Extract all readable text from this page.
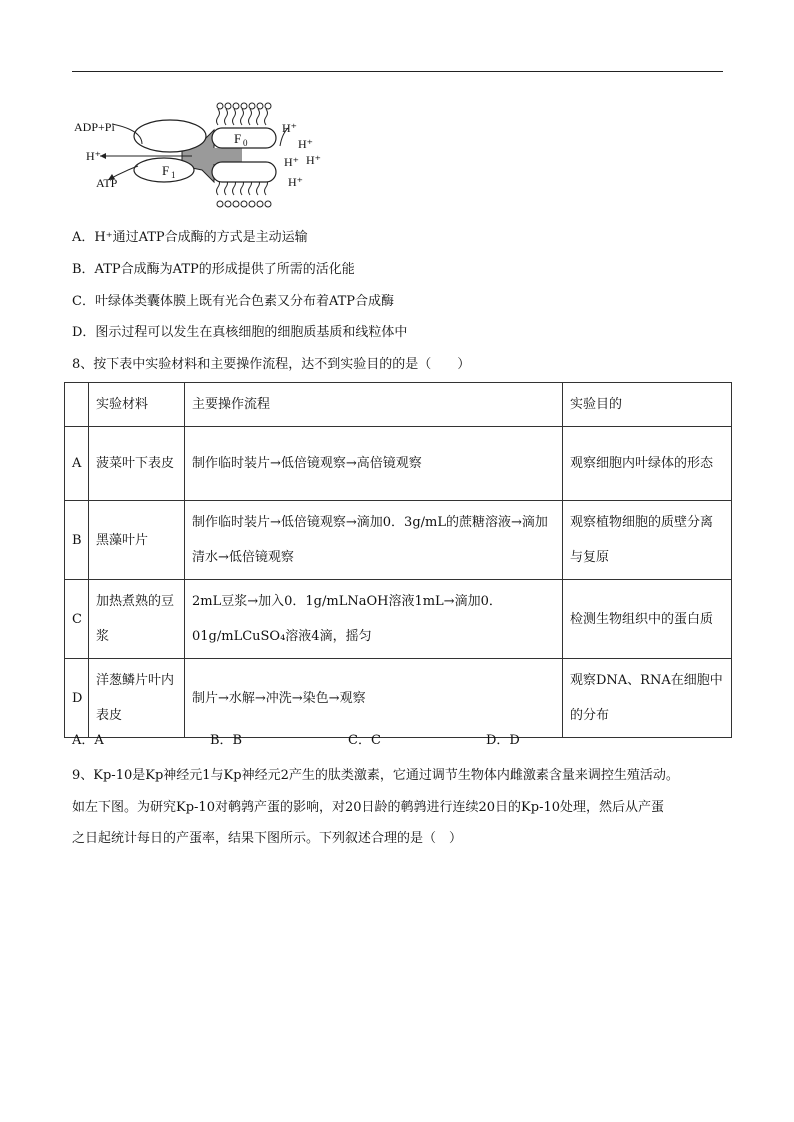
ADP+Pi
H⁺
ATP
F 0
F 1
H⁺
H⁺
H⁺ H⁺
H⁺
A．H⁺通过ATP合成酶的方式是主动运输
B．ATP合成酶为ATP的形成提供了所需的活化能
C．叶绿体类囊体膜上既有光合色素又分布着ATP合成酶
D．图示过程可以发生在真核细胞的细胞质基质和线粒体中
8、按下表中实验材料和主要操作流程，达不到实验目的的是（　　）
	实验材料	主要操作流程	实验目的
A	菠菜叶下表皮	制作临时装片→低倍镜观察→高倍镜观察	观察细胞内叶绿体的形态
B	黑藻叶片	制作临时装片→低倍镜观察→滴加0．3g/mL的蔗糖溶液→滴加清水→低倍镜观察	观察植物细胞的质壁分离与复原
C	加热煮熟的豆浆	2mL豆浆→加入0．1g/mLNaOH溶液1mL→滴加0．01g/mLCuSO₄溶液4滴，摇匀	检测生物组织中的蛋白质
D	洋葱鳞片叶内表皮	制片→水解→冲洗→染色→观察	观察DNA、RNA在细胞中的分布
A．A	B．B	C．C	D．D
9、Kp-10是Kp神经元1与Kp神经元2产生的肽类激素，它通过调节生物体内雌激素含量来调控生殖活动。
如左下图。为研究Kp-10对鹌鹑产蛋的影响，对20日龄的鹌鹑进行连续20日的Kp-10处理，然后从产蛋
之日起统计每日的产蛋率，结果下图所示。下列叙述合理的是（　）
